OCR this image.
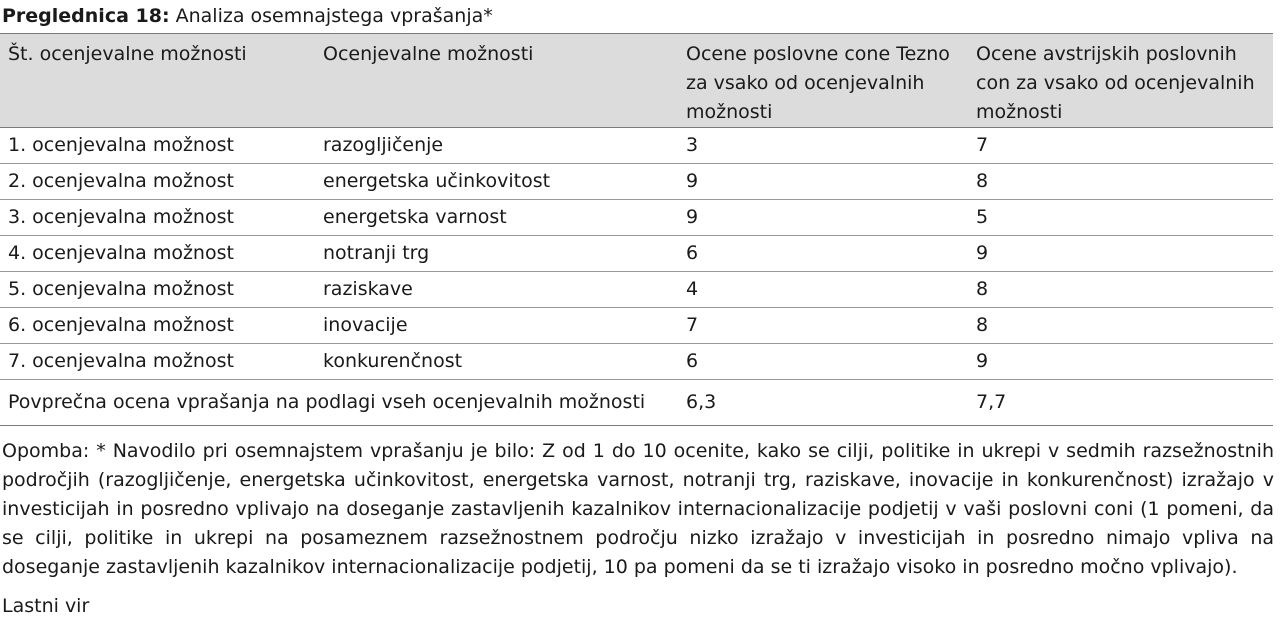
Preglednica 18: Analiza osemnajstega vprašanja*
Št. ocenjevalne možnosti	Ocenjevalne možnosti	Ocene poslovne cone Tezno za vsako od ocenjevalnih možnosti	Ocene avstrijskih poslovnih con za vsako od ocenjevalnih možnosti
1. ocenjevalna možnost	razogljičenje	3	7
2. ocenjevalna možnost	energetska učinkovitost	9	8
3. ocenjevalna možnost	energetska varnost	9	5
4. ocenjevalna možnost	notranji trg	6	9
5. ocenjevalna možnost	raziskave	4	8
6. ocenjevalna možnost	inovacije	7	8
7. ocenjevalna možnost	konkurenčnost	6	9
Povprečna ocena vprašanja na podlagi vseh ocenjevalnih možnosti		6,3	7,7
Opomba: * Navodilo pri osemnajstem vprašanju je bilo: Z od 1 do 10 ocenite, kako se cilji, politike in ukrepi v sedmih razsežnostnih področjih (razogljičenje, energetska učinkovitost, energetska varnost, notranji trg, raziskave, inovacije in konkurenčnost) izražajo v investicijah in posredno vplivajo na doseganje zastavljenih kazalnikov internacionalizacije podjetij v vaši poslovni coni (1 pomeni, da se cilji, politike in ukrepi na posameznem razsežnostnem področju nizko izražajo v investicijah in posredno nimajo vpliva na doseganje zastavljenih kazalnikov internacionalizacije podjetij, 10 pa pomeni da se ti izražajo visoko in posredno močno vplivajo).
Lastni vir
